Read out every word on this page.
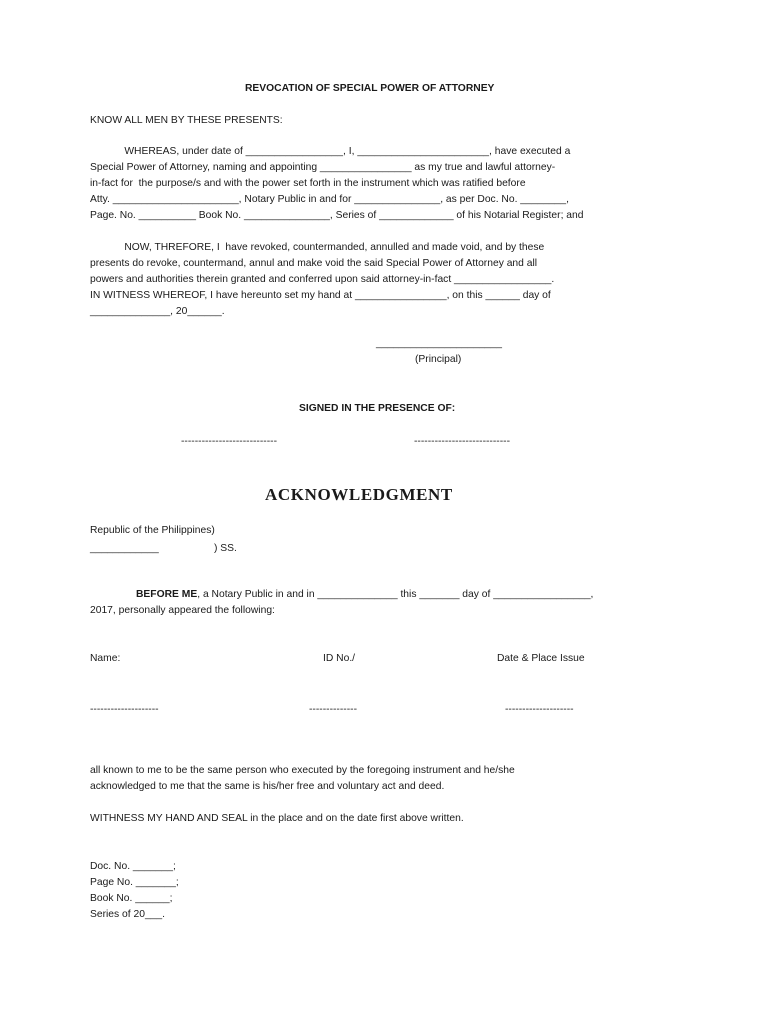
REVOCATION OF SPECIAL POWER OF ATTORNEY
KNOW ALL MEN BY THESE PRESENTS:
WHEREAS, under date of _________________, I, _______________________, have executed a
Special Power of Attorney, naming and appointing ________________ as my true and lawful attorney-
in-fact for  the purpose/s and with the power set forth in the instrument which was ratified before
Atty. ______________________, Notary Public in and for _______________, as per Doc. No. ________,
Page. No. __________ Book No. _______________, Series of _____________ of his Notarial Register; and
NOW, THREFORE, I  have revoked, countermanded, annulled and made void, and by these
presents do revoke, countermand, annul and make void the said Special Power of Attorney and all
powers and authorities therein granted and conferred upon said attorney-in-fact _________________.
IN WITNESS WHEREOF, I have hereunto set my hand at ________________, on this ______ day of
______________, 20______.
______________________
(Principal)
SIGNED IN THE PRESENCE OF:
----------------------------	----------------------------
ACKNOWLEDGMENT
Republic of the Philippines)
____________	) SS.
BEFORE ME, a Notary Public in and in ______________ this _______ day of _________________,
2017, personally appeared the following:
Name:	ID No./	Date & Place Issue
--------------------	--------------	--------------------
all known to me to be the same person who executed by the foregoing instrument and he/she
acknowledged to me that the same is his/her free and voluntary act and deed.
WITHNESS MY HAND AND SEAL in the place and on the date first above written.
Doc. No. _______;
Page No. _______;
Book No. ______;
Series of 20___.
